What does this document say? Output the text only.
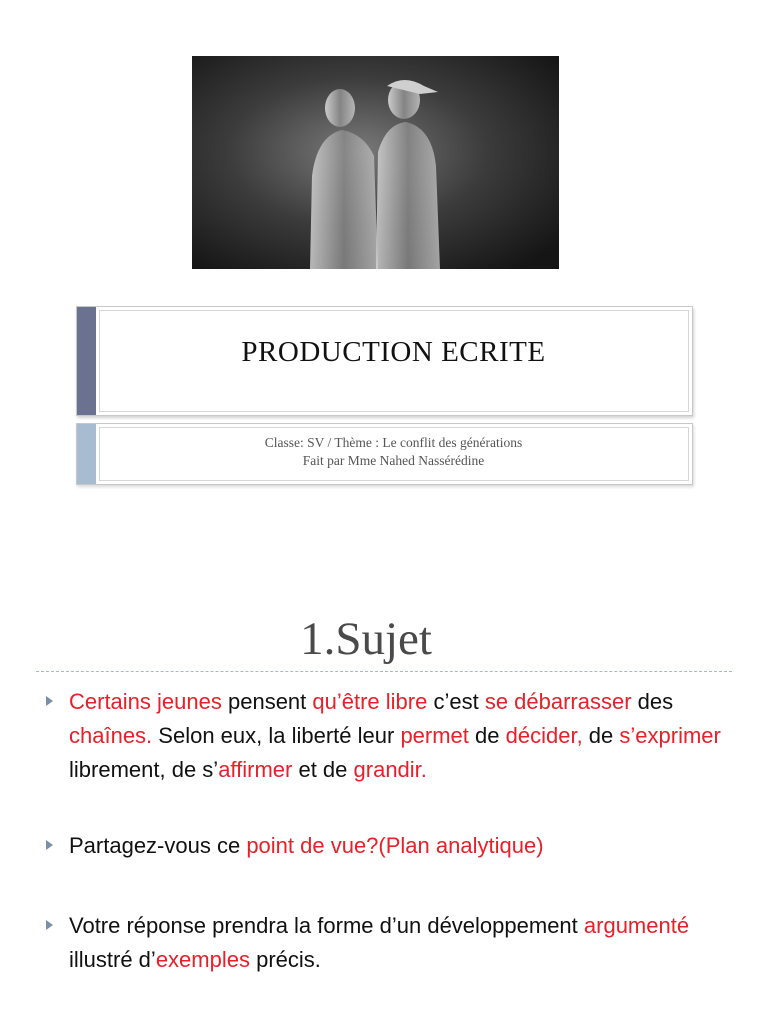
PRODUCTION ECRITE
Classe: SV / Thème : Le conflit des générations
Fait par Mme Nahed Nassérédine
1.Sujet
Certains jeunes pensent qu’être libre c’est se débarrasser des chaînes. Selon eux, la liberté leur permet de décider, de s’exprimer librement, de s’affirmer et de grandir.
Partagez-vous ce point de vue?(Plan analytique)
Votre réponse prendra la forme d’un développement argumenté illustré d’exemples précis.
